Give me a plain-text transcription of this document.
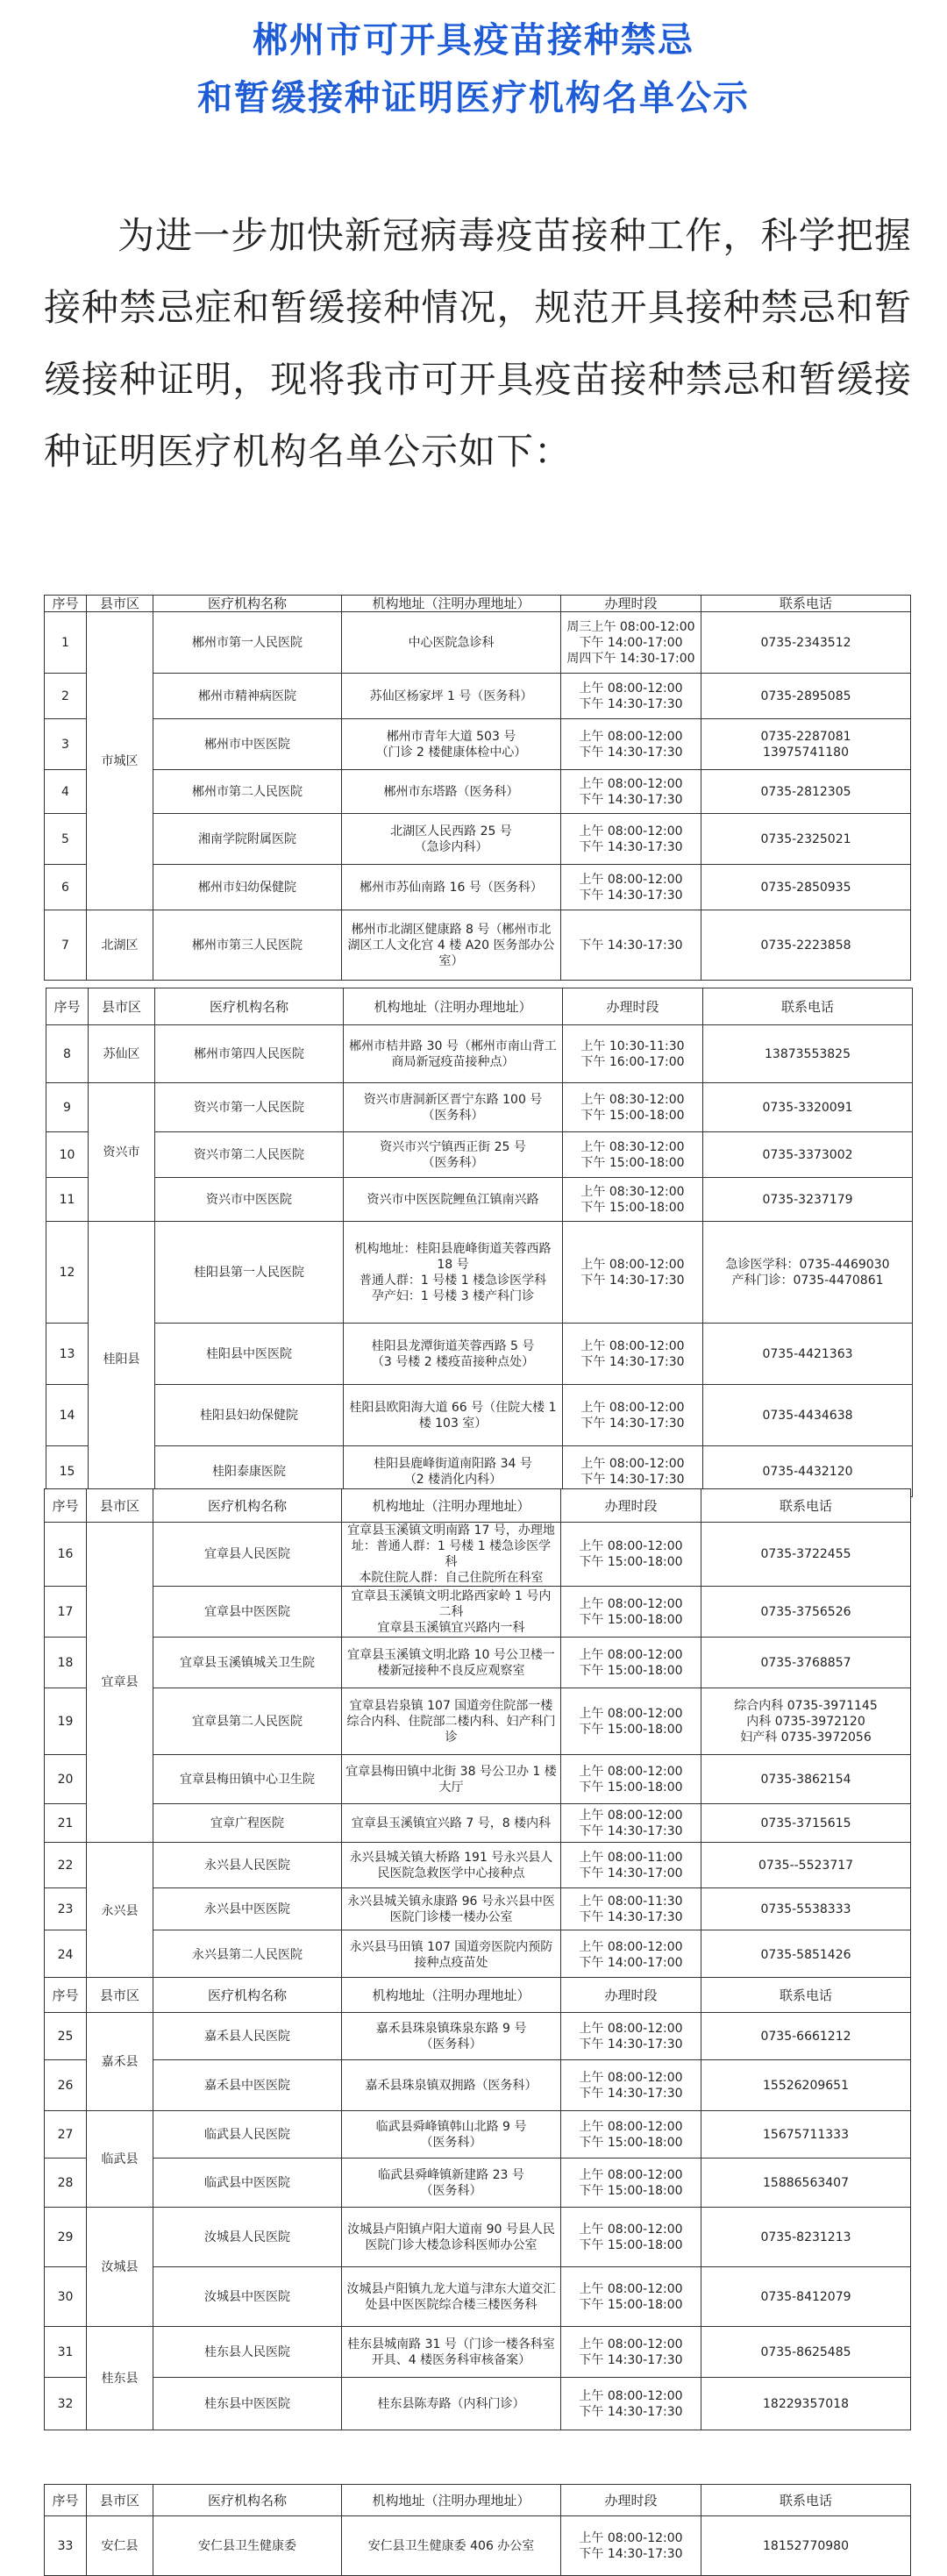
郴州市可开具疫苗接种禁忌
和暂缓接种证明医疗机构名单公示
为进一步加快新冠病毒疫苗接种工作，科学把握接种禁忌症和暂缓接种情况，规范开具接种禁忌和暂缓接种证明，现将我市可开具疫苗接种禁忌和暂缓接种证明医疗机构名单公示如下：
序号	县市区	医疗机构名称	机构地址（注明办理地址）	办理时段	联系电话
1	市城区	郴州市第一人民医院	中心医院急诊科	周三上午 08:00-12:00
下午 14:00-17:00
周四下午 14:30-17:00	0735-2343512
2		郴州市精神病医院	苏仙区杨家坪 1 号（医务科）	上午 08:00-12:00
下午 14:30-17:30	0735-2895085
3		郴州市中医医院	郴州市青年大道 503 号
（门诊 2 楼健康体检中心）	上午 08:00-12:00
下午 14:30-17:30	0735-2287081
13975741180
4		郴州市第二人民医院	郴州市东塔路（医务科）	上午 08:00-12:00
下午 14:30-17:30	0735-2812305
5		湘南学院附属医院	北湖区人民西路 25 号
（急诊内科）	上午 08:00-12:00
下午 14:30-17:30	0735-2325021
6		郴州市妇幼保健院	郴州市苏仙南路 16 号（医务科）	上午 08:00-12:00
下午 14:30-17:30	0735-2850935
7	北湖区	郴州市第三人民医院	郴州市北湖区健康路 8 号（郴州市北湖区工人文化宫 4 楼 A20 医务部办公室）	下午 14:30-17:30	0735-2223858
序号	县市区	医疗机构名称	机构地址（注明办理地址）	办理时段	联系电话
8	苏仙区	郴州市第四人民医院	郴州市桔井路 30 号（郴州市南山背工商局新冠疫苗接种点）	上午 10:30-11:30
下午 16:00-17:00	13873553825
9	资兴市	资兴市第一人民医院	资兴市唐洞新区晋宁东路 100 号
（医务科）	上午 08:30-12:00
下午 15:00-18:00	0735-3320091
10		资兴市第二人民医院	资兴市兴宁镇西正街 25 号
（医务科）	上午 08:30-12:00
下午 15:00-18:00	0735-3373002
11		资兴市中医医院	资兴市中医医院鲤鱼江镇南兴路	上午 08:30-12:00
下午 15:00-18:00	0735-3237179
12	桂阳县	桂阳县第一人民医院	机构地址：桂阳县鹿峰街道芙蓉西路 18 号
普通人群：1 号楼 1 楼急诊医学科
孕产妇：1 号楼 3 楼产科门诊	上午 08:00-12:00
下午 14:30-17:30	急诊医学科：0735-4469030
产科门诊：0735-4470861
13		桂阳县中医医院	桂阳县龙潭街道芙蓉西路 5 号
（3 号楼 2 楼疫苗接种点处）	上午 08:00-12:00
下午 14:30-17:30	0735-4421363
14		桂阳县妇幼保健院	桂阳县欧阳海大道 66 号（住院大楼 1 楼 103 室）	上午 08:00-12:00
下午 14:30-17:30	0735-4434638
15		桂阳泰康医院	桂阳县鹿峰街道南阳路 34 号
（2 楼消化内科）	上午 08:00-12:00
下午 14:30-17:30	0735-4432120
序号	县市区	医疗机构名称	机构地址（注明办理地址）	办理时段	联系电话
16	宜章县	宜章县人民医院	宜章县玉溪镇文明南路 17 号，办理地址：普通人群：1 号楼 1 楼急诊医学科
本院住院人群：自己住院所在科室	上午 08:00-12:00
下午 15:00-18:00	0735-3722455
17		宜章县中医医院	宜章县玉溪镇文明北路西家岭 1 号内二科
宜章县玉溪镇宜兴路内一科	上午 08:00-12:00
下午 15:00-18:00	0735-3756526
18		宜章县玉溪镇城关卫生院	宜章县玉溪镇文明北路 10 号公卫楼一楼新冠接种不良反应观察室	上午 08:00-12:00
下午 15:00-18:00	0735-3768857
19		宜章县第二人民医院	宜章县岩泉镇 107 国道旁住院部一楼综合内科、住院部二楼内科、妇产科门诊	上午 08:00-12:00
下午 15:00-18:00	综合内科 0735-3971145
内科 0735-3972120
妇产科 0735-3972056
20		宜章县梅田镇中心卫生院	宜章县梅田镇中北街 38 号公卫办 1 楼大厅	上午 08:00-12:00
下午 15:00-18:00	0735-3862154
21		宜章广程医院	宜章县玉溪镇宜兴路 7 号，8 楼内科	上午 08:00-12:00
下午 14:30-17:30	0735-3715615
22	永兴县	永兴县人民医院	永兴县城关镇大桥路 191 号永兴县人民医院急救医学中心接种点	上午 08:00-11:00
下午 14:30-17:00	0735--5523717
23		永兴县中医医院	永兴县城关镇永康路 96 号永兴县中医医院门诊楼一楼办公室	上午 08:00-11:30
下午 14:30-17:30	0735-5538333
24		永兴县第二人民医院	永兴县马田镇 107 国道旁医院内预防接种点疫苗处	上午 08:00-12:00
下午 14:00-17:00	0735-5851426
序号	县市区	医疗机构名称	机构地址（注明办理地址）	办理时段	联系电话
25	嘉禾县	嘉禾县人民医院	嘉禾县珠泉镇珠泉东路 9 号
（医务科）	上午 08:00-12:00
下午 14:30-17:30	0735-6661212
26		嘉禾县中医医院	嘉禾县珠泉镇双拥路（医务科）	上午 08:00-12:00
下午 14:30-17:30	15526209651
27	临武县	临武县人民医院	临武县舜峰镇韩山北路 9 号
（医务科）	上午 08:00-12:00
下午 15:00-18:00	15675711333
28		临武县中医医院	临武县舜峰镇新建路 23 号
（医务科）	上午 08:00-12:00
下午 15:00-18:00	15886563407
29	汝城县	汝城县人民医院	汝城县卢阳镇卢阳大道南 90 号县人民医院门诊大楼急诊科医师办公室	上午 08:00-12:00
下午 15:00-18:00	0735-8231213
30		汝城县中医医院	汝城县卢阳镇九龙大道与津东大道交汇处县中医医院综合楼三楼医务科	上午 08:00-12:00
下午 15:00-18:00	0735-8412079
31	桂东县	桂东县人民医院	桂东县城南路 31 号（门诊一楼各科室开具、4 楼医务科审核备案）	上午 08:00-12:00
下午 14:30-17:30	0735-8625485
32		桂东县中医医院	桂东县陈寿路（内科门诊）	上午 08:00-12:00
下午 14:30-17:30	18229357018
序号	县市区	医疗机构名称	机构地址（注明办理地址）	办理时段	联系电话
33	安仁县	安仁县卫生健康委	安仁县卫生健康委 406 办公室	上午 08:00-12:00
下午 14:30-17:30	18152770980
